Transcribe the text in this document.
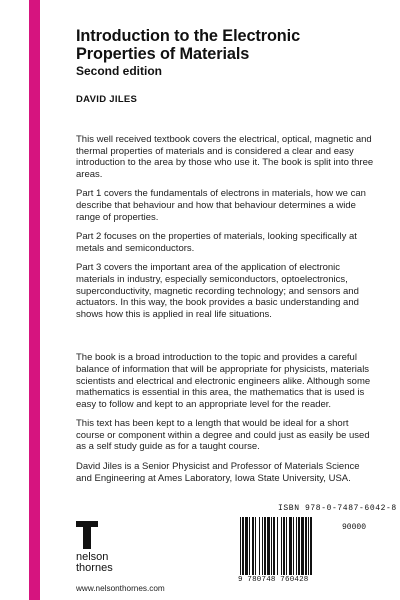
Introduction to the Electronic Properties of Materials
Second edition
DAVID JILES

This well received textbook covers the electrical, optical, magnetic and thermal properties of materials and is considered a clear and easy introduction to the area by those who use it. The book is split into three areas.

Part 1 covers the fundamentals of electrons in materials, how we can describe that behaviour and how that behaviour determines a wide range of properties.

Part 2 focuses on the properties of materials, looking specifically at metals and semiconductors.

Part 3 covers the important area of the application of electronic materials in industry, especially semiconductors, optoelectronics, superconductivity, magnetic recording technology; and sensors and actuators. In this way, the book provides a basic understanding and shows how this is applied in real life situations.

The book is a broad introduction to the topic and provides a careful balance of information that will be appropriate for physicists, materials scientists and electrical and electronic engineers alike. Although some mathematics is essential in this area, the mathematics that is used is easy to follow and kept to an appropriate level for the reader.

This text has been kept to a length that would be ideal for a short course or component within a degree and could just as easily be used as a self study guide as for a taught course.

David Jiles is a Senior Physicist and Professor of Materials Science and Engineering at Ames Laboratory, Iowa State University, USA.

nelson
thornes
www.nelsonthornes.com
ISBN 978-0-7487-6042-8
90000
9 780748 760428
